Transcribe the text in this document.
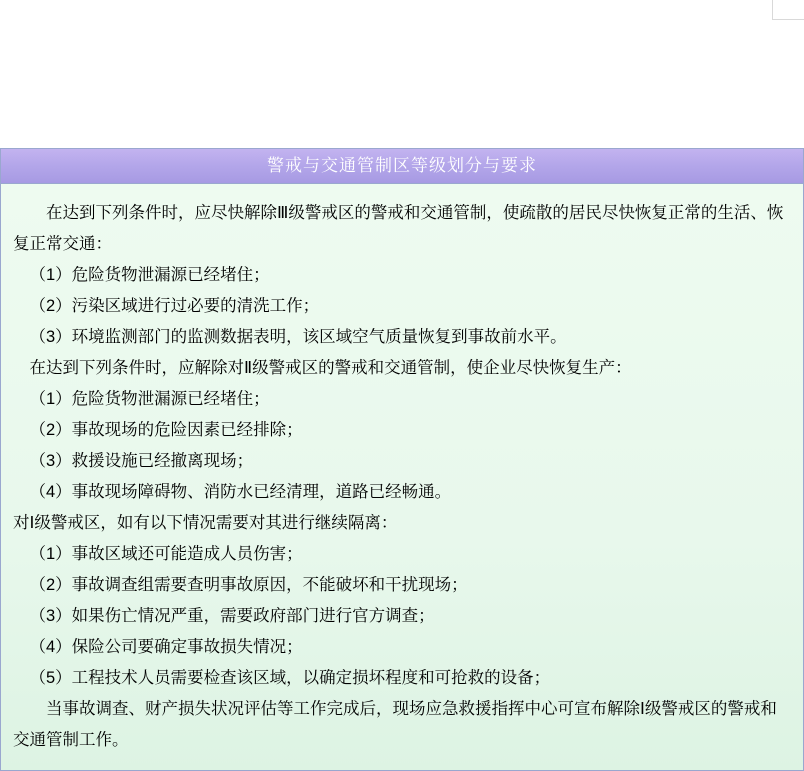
警戒与交通管制区等级划分与要求
在达到下列条件时，应尽快解除Ⅲ级警戒区的警戒和交通管制，使疏散的居民尽快恢复正常的生活、恢复正常交通：
（1）危险货物泄漏源已经堵住；
（2）污染区域进行过必要的清洗工作；
（3）环境监测部门的监测数据表明，该区域空气质量恢复到事故前水平。
在达到下列条件时，应解除对Ⅱ级警戒区的警戒和交通管制，使企业尽快恢复生产：
（1）危险货物泄漏源已经堵住；
（2）事故现场的危险因素已经排除；
（3）救援设施已经撤离现场；
（4）事故现场障碍物、消防水已经清理，道路已经畅通。
对Ⅰ级警戒区，如有以下情况需要对其进行继续隔离：
（1）事故区域还可能造成人员伤害；
（2）事故调查组需要查明事故原因，不能破坏和干扰现场；
（3）如果伤亡情况严重，需要政府部门进行官方调查；
（4）保险公司要确定事故损失情况；
（5）工程技术人员需要检查该区域，以确定损坏程度和可抢救的设备；
当事故调查、财产损失状况评估等工作完成后，现场应急救援指挥中心可宣布解除Ⅰ级警戒区的警戒和交通管制工作。
